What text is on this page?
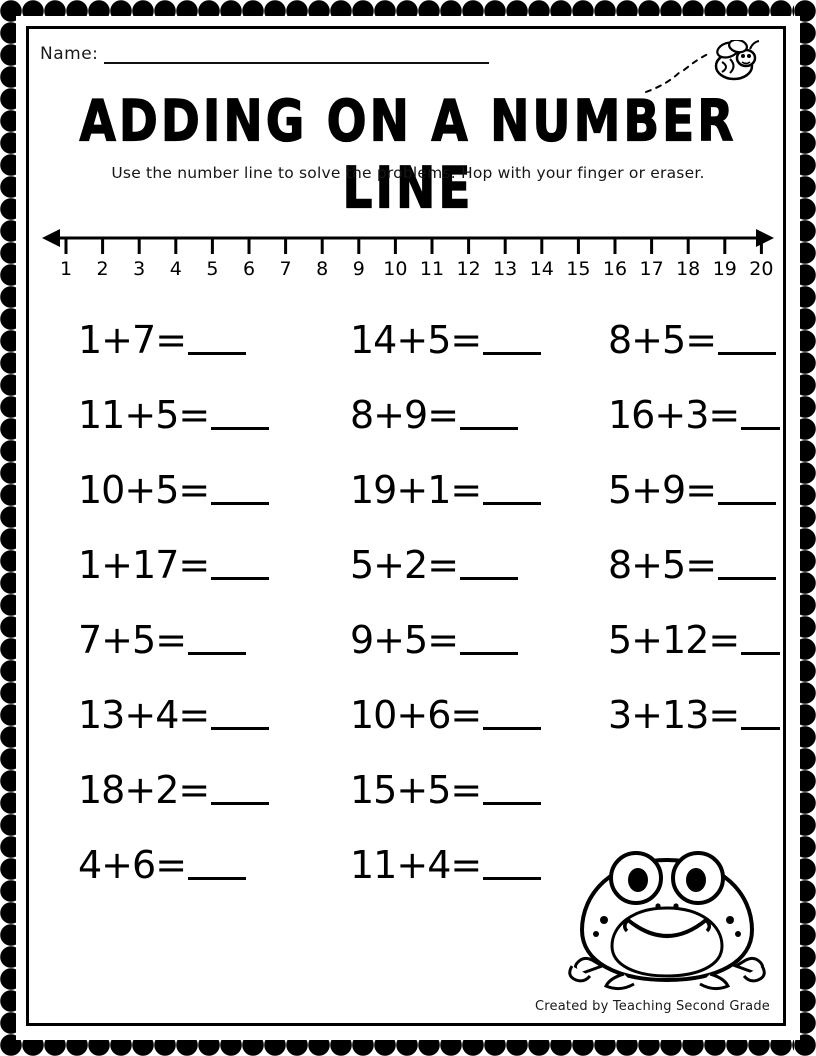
Name:
ADDING ON A NUMBER LINE
Use the number line to solve the problems. Hop with your finger or eraser.
1 2 3 4 5 6 7 8 9 10 11 12 13 14 15 16 17 18 19 20
1+7=	14+5=	8+5=
11+5=	8+9=	16+3=
10+5=	19+1=	5+9=
1+17=	5+2=	8+5=
7+5=	9+5=	5+12=
13+4=	10+6=	3+13=
18+2=	15+5=
4+6=	11+4=
Created by Teaching Second Grade
